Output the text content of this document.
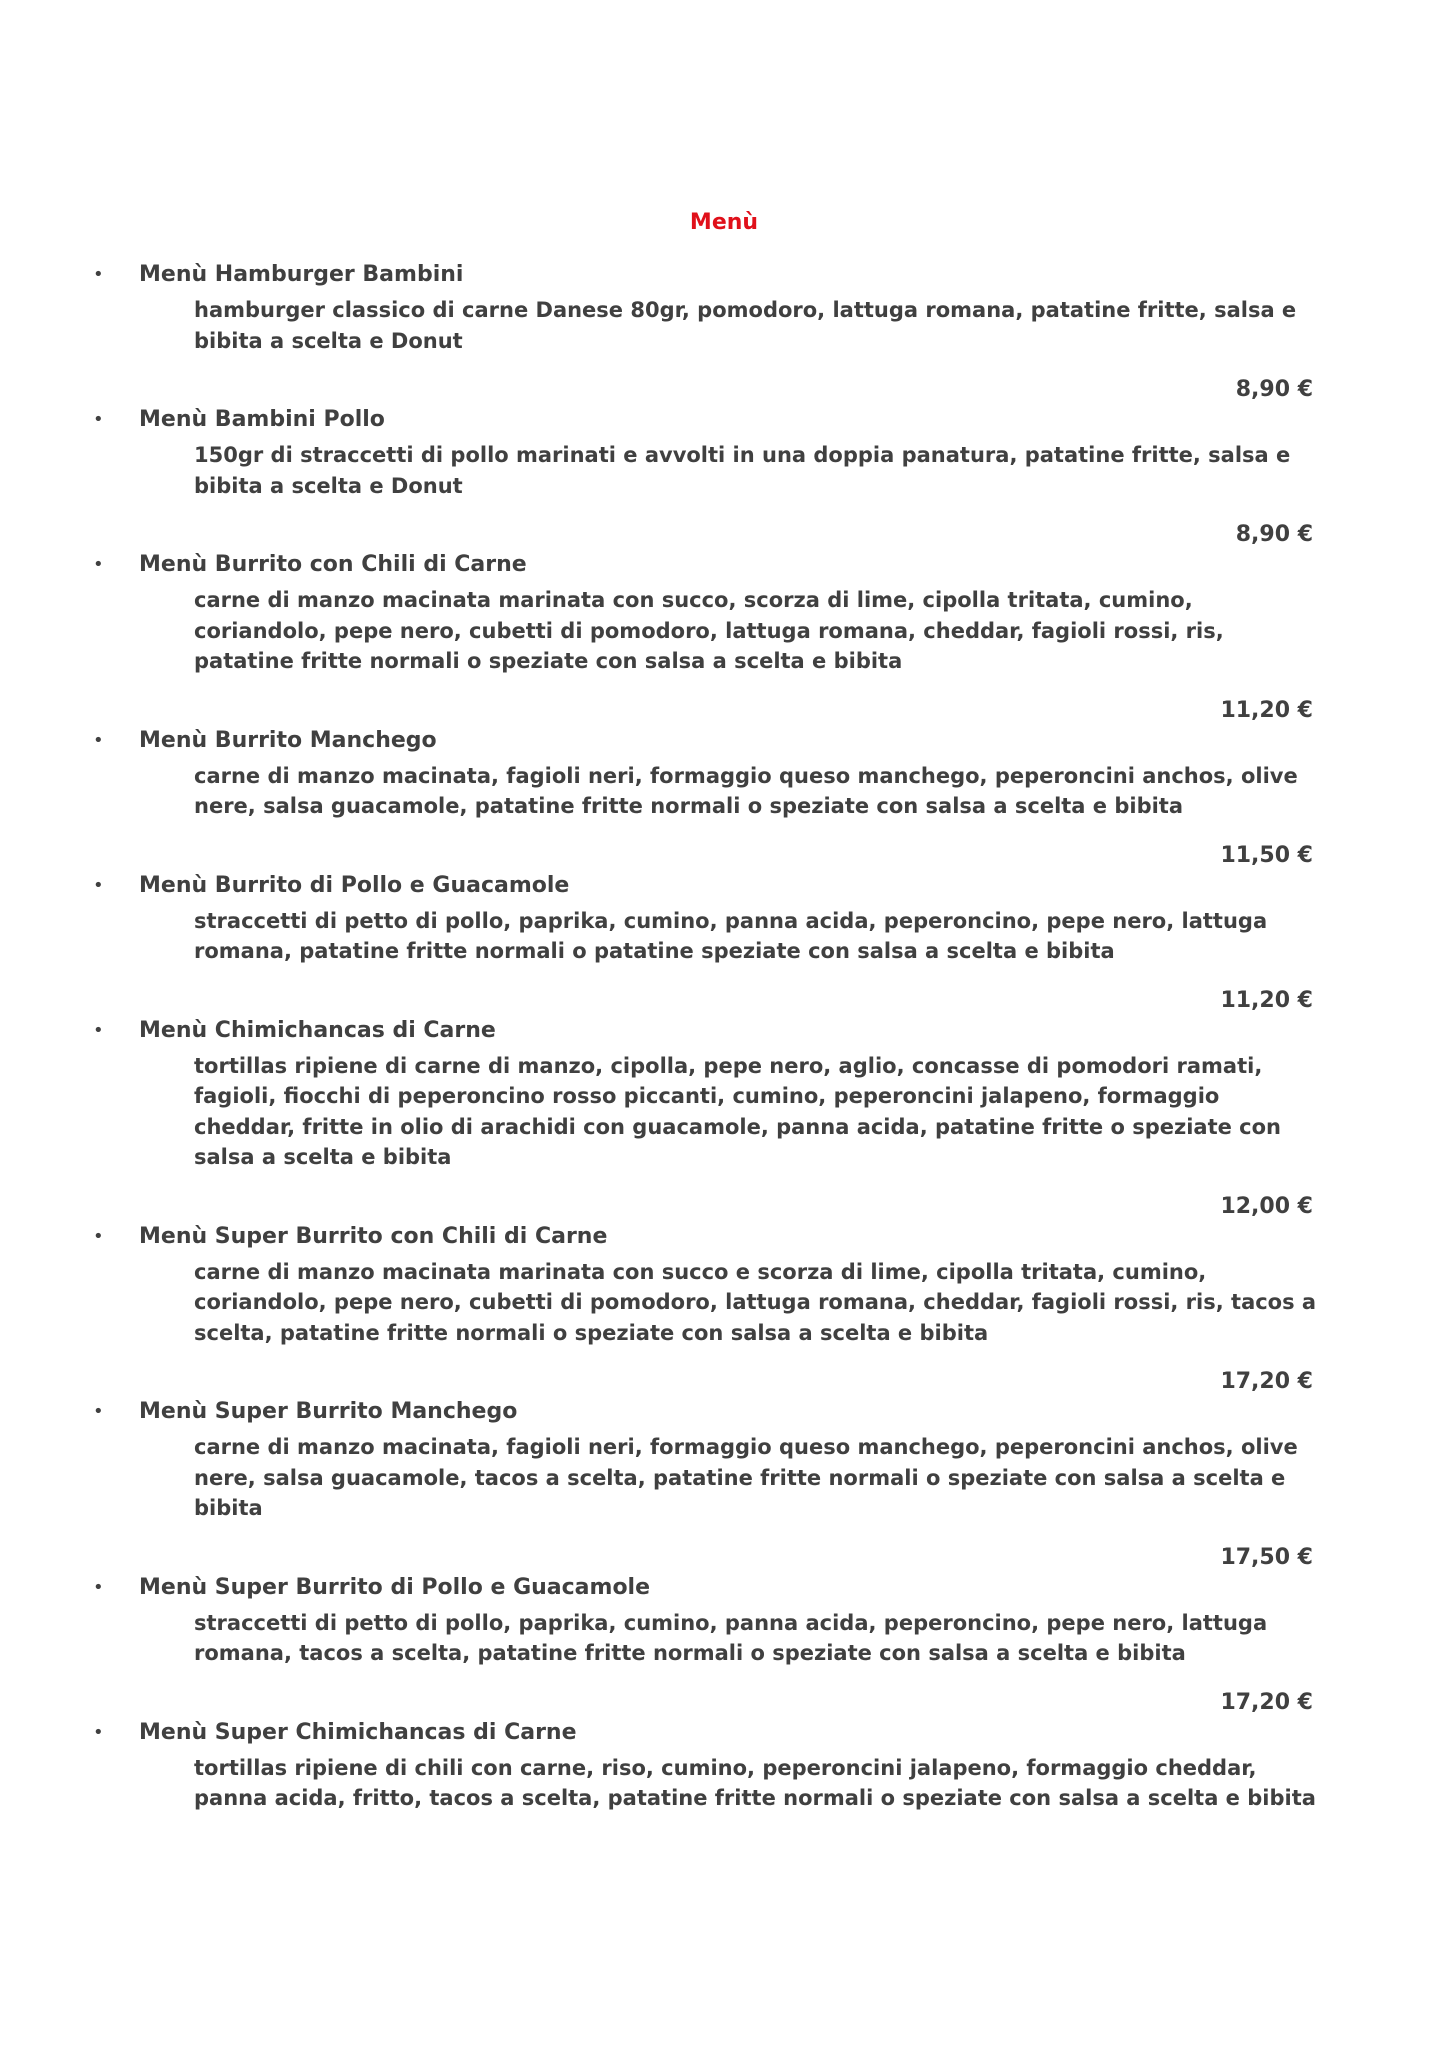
Menù
• Menù Hamburger Bambini
hamburger classico di carne Danese 80gr, pomodoro, lattuga romana, patatine fritte, salsa e bibita a scelta e Donut
8,90 €
• Menù Bambini Pollo
150gr di straccetti di pollo marinati e avvolti in una doppia panatura, patatine fritte, salsa e bibita a scelta e Donut
8,90 €
• Menù Burrito con Chili di Carne
carne di manzo macinata marinata con succo, scorza di lime, cipolla tritata, cumino, coriandolo, pepe nero, cubetti di pomodoro, lattuga romana, cheddar, fagioli rossi, ris, patatine fritte normali o speziate con salsa a scelta e bibita
11,20 €
• Menù Burrito Manchego
carne di manzo macinata, fagioli neri, formaggio queso manchego, peperoncini anchos, olive nere, salsa guacamole, patatine fritte normali o speziate con salsa a scelta e bibita
11,50 €
• Menù Burrito di Pollo e Guacamole
straccetti di petto di pollo, paprika, cumino, panna acida, peperoncino, pepe nero, lattuga romana, patatine fritte normali o patatine speziate con salsa a scelta e bibita
11,20 €
• Menù Chimichancas di Carne
tortillas ripiene di carne di manzo, cipolla, pepe nero, aglio, concasse di pomodori ramati, fagioli, fiocchi di peperoncino rosso piccanti, cumino, peperoncini jalapeno, formaggio cheddar, fritte in olio di arachidi con guacamole, panna acida, patatine fritte o speziate con salsa a scelta e bibita
12,00 €
• Menù Super Burrito con Chili di Carne
carne di manzo macinata marinata con succo e scorza di lime, cipolla tritata, cumino, coriandolo, pepe nero, cubetti di pomodoro, lattuga romana, cheddar, fagioli rossi, ris, tacos a scelta, patatine fritte normali o speziate con salsa a scelta e bibita
17,20 €
• Menù Super Burrito Manchego
carne di manzo macinata, fagioli neri, formaggio queso manchego, peperoncini anchos, olive nere, salsa guacamole, tacos a scelta, patatine fritte normali o speziate con salsa a scelta e bibita
17,50 €
• Menù Super Burrito di Pollo e Guacamole
straccetti di petto di pollo, paprika, cumino, panna acida, peperoncino, pepe nero, lattuga romana, tacos a scelta, patatine fritte normali o speziate con salsa a scelta e bibita
17,20 €
• Menù Super Chimichancas di Carne
tortillas ripiene di chili con carne, riso, cumino, peperoncini jalapeno, formaggio cheddar, panna acida, fritto, tacos a scelta, patatine fritte normali o speziate con salsa a scelta e bibita
